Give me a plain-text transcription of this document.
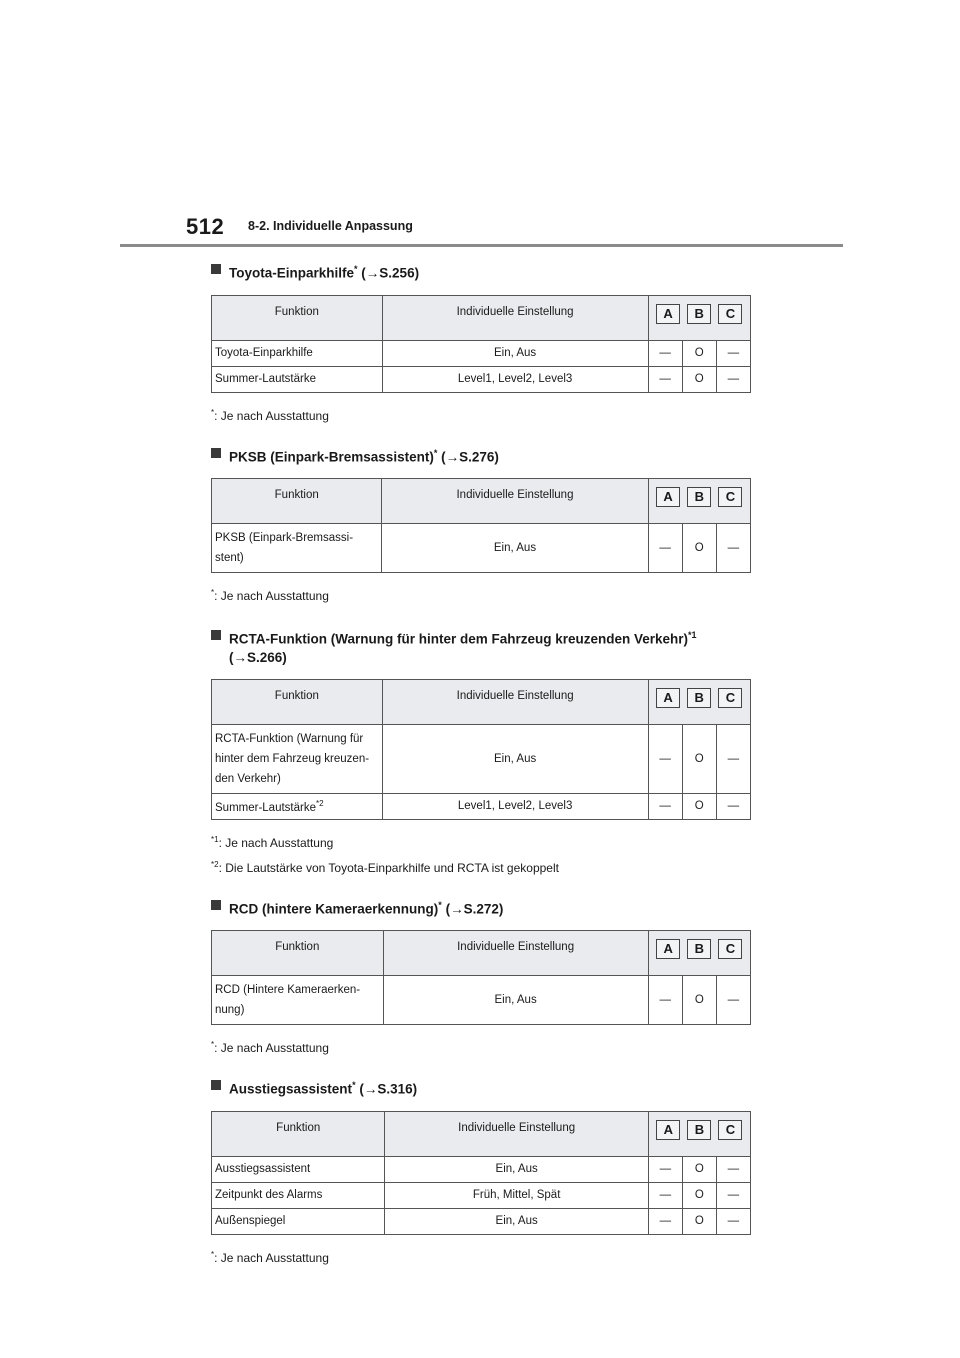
512 8-2. Individuelle Anpassung
Toyota-Einparkhilfe* (→S.256)
Funktion	Individuelle Einstellung	A B C		

Toyota-Einparkhilfe	Ein, Aus	—	O	—
Summer-Lautstärke	Level1, Level2, Level3	—	O	—
*: Je nach Ausstattung
PKSB (Einpark-Bremsassistent)* (→S.276)
Funktion	Individuelle Einstellung	A B C		

PKSB (Einpark-Bremsassi-
stent)	Ein, Aus	—	O	—
*: Je nach Ausstattung
RCTA-Funktion (Warnung für hinter dem Fahrzeug kreuzenden Verkehr)$^{*1}$ (→S.266)
Funktion	Individuelle Einstellung	A B C		

RCTA-Funktion (Warnung für
hinter dem Fahrzeug kreuzen-
den Verkehr)	Ein, Aus	—	O	—
Summer-Lautstärke$^{*2}$	Level1, Level2, Level3	—	O	—
$^{*1}$: Je nach Ausstattung
$^{*2}$: Die Lautstärke von Toyota-Einparkhilfe und RCTA ist gekoppelt
RCD (hintere Kameraerkennung)* (→S.272)
Funktion	Individuelle Einstellung	A B C		

RCD (Hintere Kameraerken-
nung)	Ein, Aus	—	O	—
*: Je nach Ausstattung
Ausstiegsassistent* (→S.316)
Funktion	Individuelle Einstellung	A B C		

Ausstiegsassistent	Ein, Aus	—	O	—
Zeitpunkt des Alarms	Früh, Mittel, Spät	—	O	—
Außenspiegel	Ein, Aus	—	O	—
*: Je nach Ausstattung
